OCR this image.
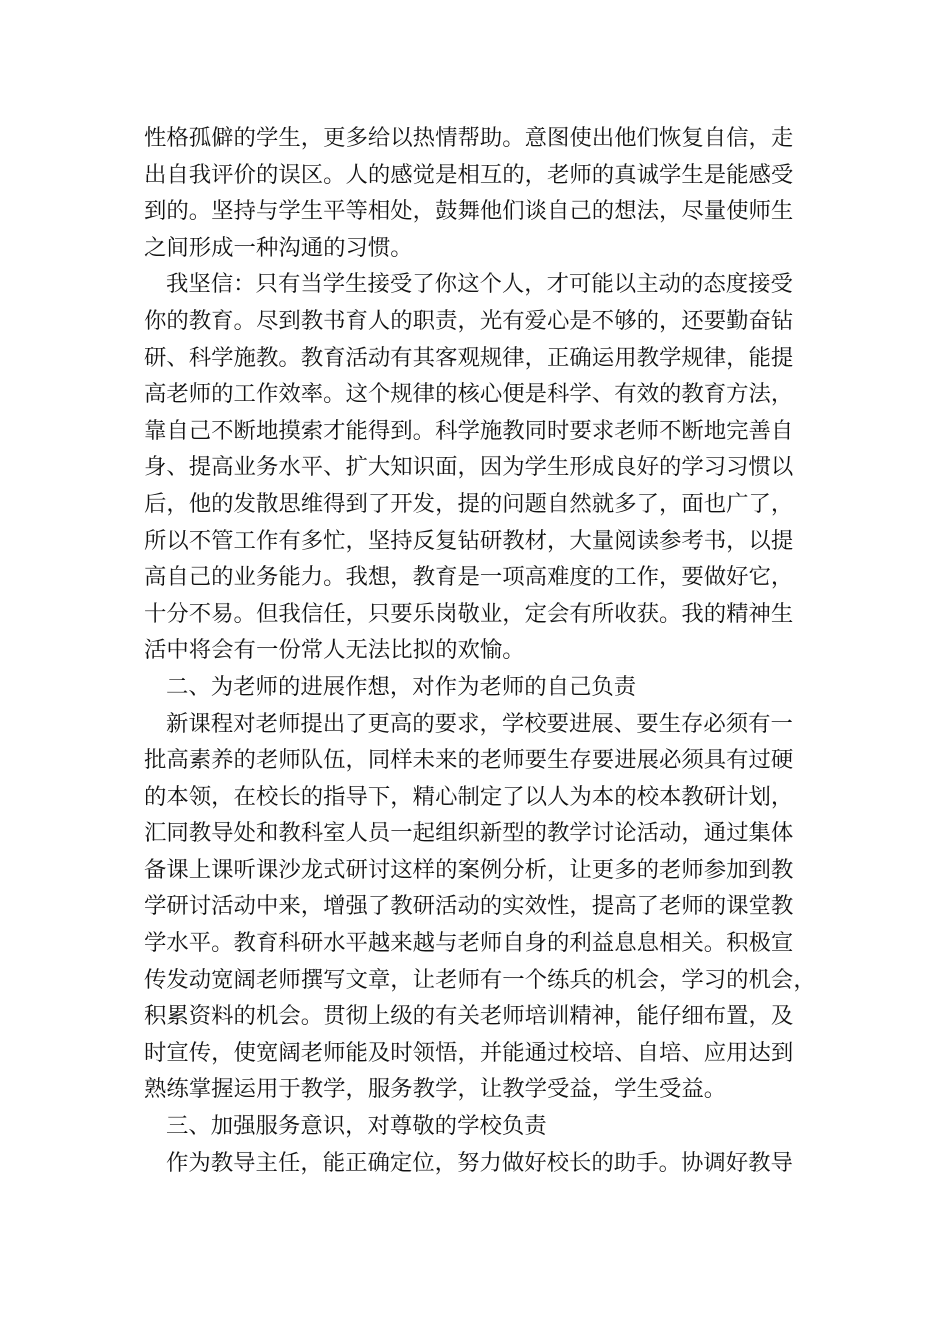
性格孤僻的学生，更多给以热情帮助。意图使出他们恢复自信，走
出自我评价的误区。人的感觉是相互的，老师的真诚学生是能感受
到的。坚持与学生平等相处，鼓舞他们谈自己的想法，尽量使师生
之间形成一种沟通的习惯。
我坚信：只有当学生接受了你这个人，才可能以主动的态度接受
你的教育。尽到教书育人的职责，光有爱心是不够的，还要勤奋钻
研、科学施教。教育活动有其客观规律，正确运用教学规律，能提
高老师的工作效率。这个规律的核心便是科学、有效的教育方法，
靠自己不断地摸索才能得到。科学施教同时要求老师不断地完善自
身、提高业务水平、扩大知识面，因为学生形成良好的学习习惯以
后，他的发散思维得到了开发，提的问题自然就多了，面也广了，
所以不管工作有多忙，坚持反复钻研教材，大量阅读参考书，以提
高自己的业务能力。我想，教育是一项高难度的工作，要做好它，
十分不易。但我信任，只要乐岗敬业，定会有所收获。我的精神生
活中将会有一份常人无法比拟的欢愉。
二、为老师的进展作想，对作为老师的自己负责
新课程对老师提出了更高的要求，学校要进展、要生存必须有一
批高素养的老师队伍，同样未来的老师要生存要进展必须具有过硬
的本领，在校长的指导下，精心制定了以人为本的校本教研计划，
汇同教导处和教科室人员一起组织新型的教学讨论活动，通过集体
备课上课听课沙龙式研讨这样的案例分析，让更多的老师参加到教
学研讨活动中来，增强了教研活动的实效性，提高了老师的课堂教
学水平。教育科研水平越来越与老师自身的利益息息相关。积极宣
传发动宽阔老师撰写文章，让老师有一个练兵的机会，学习的机会，
积累资料的机会。贯彻上级的有关老师培训精神，能仔细布置，及
时宣传，使宽阔老师能及时领悟，并能通过校培、自培、应用达到
熟练掌握运用于教学，服务教学，让教学受益，学生受益。
三、加强服务意识，对尊敬的学校负责
作为教导主任，能正确定位，努力做好校长的助手。协调好教导
